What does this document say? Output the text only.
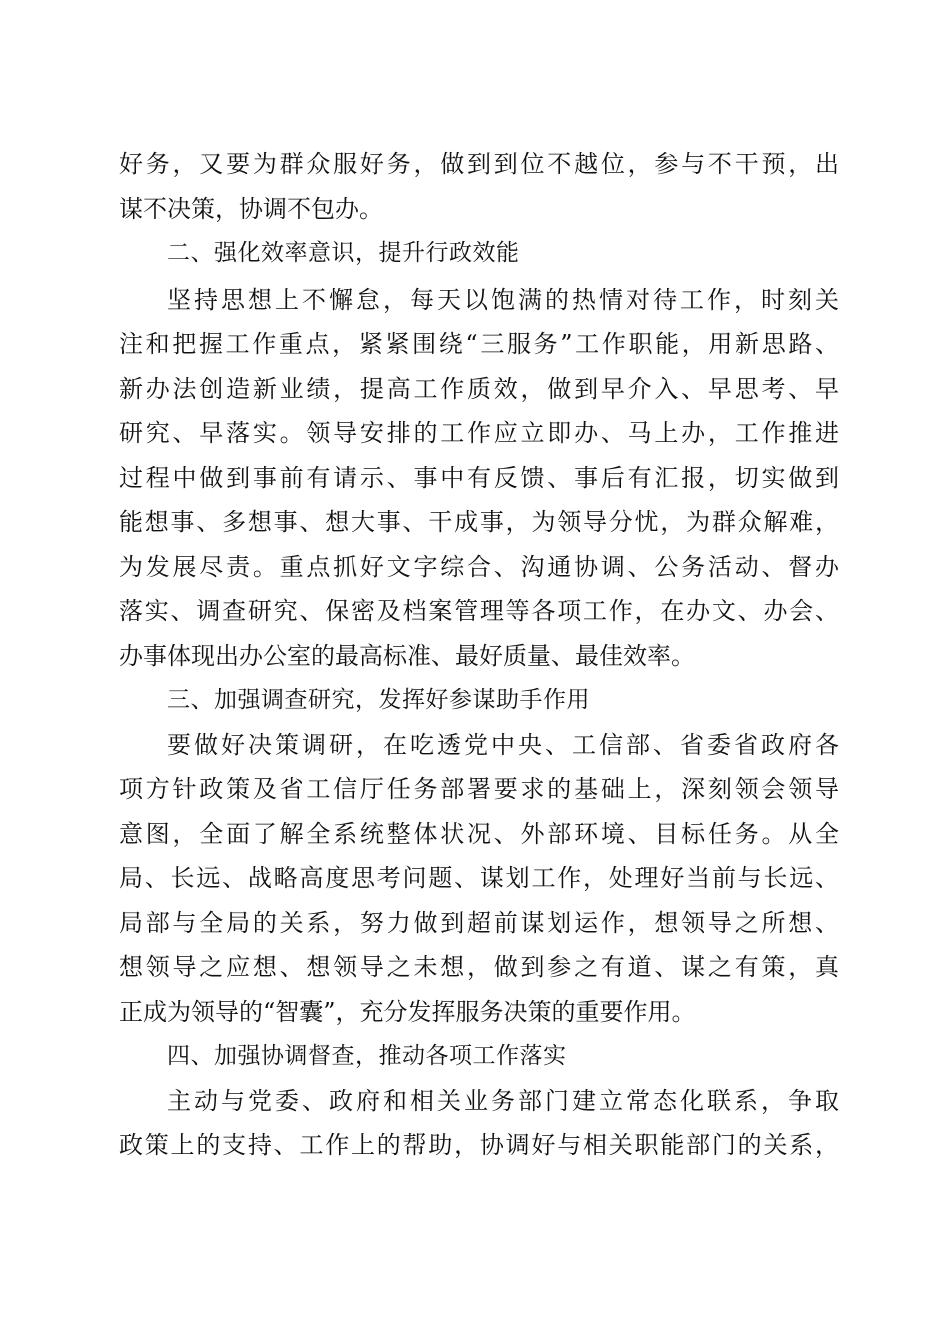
好务，又要为群众服好务，做到到位不越位，参与不干预，出
谋不决策，协调不包办。
二、强化效率意识，提升行政效能
坚持思想上不懈怠，每天以饱满的热情对待工作，时刻关
注和把握工作重点，紧紧围绕“三服务”工作职能，用新思路、
新办法创造新业绩，提高工作质效，做到早介入、早思考、早
研究、早落实。领导安排的工作应立即办、马上办，工作推进
过程中做到事前有请示、事中有反馈、事后有汇报，切实做到
能想事、多想事、想大事、干成事，为领导分忧，为群众解难，
为发展尽责。重点抓好文字综合、沟通协调、公务活动、督办
落实、调查研究、保密及档案管理等各项工作，在办文、办会、
办事体现出办公室的最高标准、最好质量、最佳效率。
三、加强调查研究，发挥好参谋助手作用
要做好决策调研，在吃透党中央、工信部、省委省政府各
项方针政策及省工信厅任务部署要求的基础上，深刻领会领导
意图，全面了解全系统整体状况、外部环境、目标任务。从全
局、长远、战略高度思考问题、谋划工作，处理好当前与长远、
局部与全局的关系，努力做到超前谋划运作，想领导之所想、
想领导之应想、想领导之未想，做到参之有道、谋之有策，真
正成为领导的“智囊”，充分发挥服务决策的重要作用。
四、加强协调督查，推动各项工作落实
主动与党委、政府和相关业务部门建立常态化联系，争取
政策上的支持、工作上的帮助，协调好与相关职能部门的关系，
